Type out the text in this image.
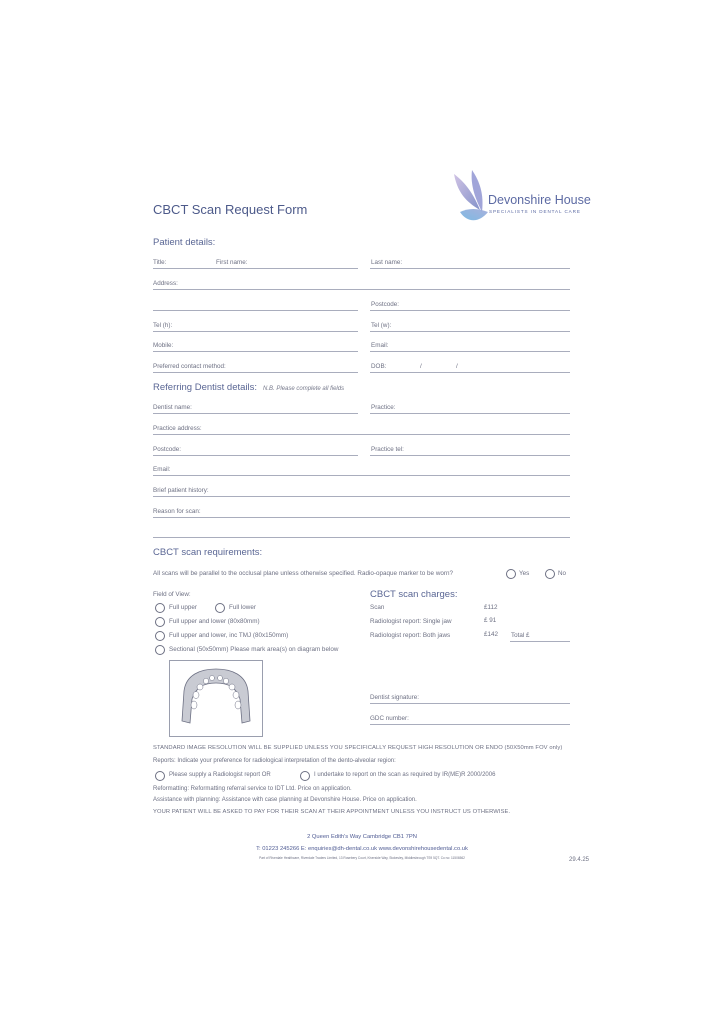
Devonshire House
SPECIALISTS IN DENTAL CARE
CBCT Scan Request Form
Patient details:
Title:	First name:	Last name:
Address:
Postcode:
Tel (h):	Tel (w):
Mobile:	Email:
Preferred contact method:	DOB:	/	/
Referring Dentist details: N.B. Please complete all fields
Dentist name:	Practice:
Practice address:
Postcode:	Practice tel:
Email:
Brief patient history:
Reason for scan:
CBCT scan requirements:
All scans will be parallel to the occlusal plane unless otherwise specified. Radio-opaque marker to be worn?	Yes	No
Field of View:
Full upper	Full lower
Full upper and lower (80x80mm)
Full upper and lower, inc TMJ (80x150mm)
Sectional (50x50mm) Please mark area(s) on diagram below
CBCT scan charges:
Scan	£112
Radiologist report: Single jaw	£ 91
Radiologist report: Both jaws	£142 Total £
Dentist signature:
GDC number:
STANDARD IMAGE RESOLUTION WILL BE SUPPLIED UNLESS YOU SPECIFICALLY REQUEST HIGH RESOLUTION OR ENDO (50X50mm FOV only)
Reports: Indicate your preference for radiological interpretation of the dento-alveolar region:
Please supply a Radiologist report OR	I undertake to report on the scan as required by IR(ME)R 2000/2006
Reformatting: Reformatting referral service to IDT Ltd. Price on application.
Assistance with planning: Assistance with case planning at Devonshire House. Price on application.
YOUR PATIENT WILL BE ASKED TO PAY FOR THEIR SCAN AT THEIR APPOINTMENT UNLESS YOU INSTRUCT US OTHERWISE.
2 Queen Edith's Way Cambridge CB1 7PN
T: 01223 245266 E: enquiries@dh-dental.co.uk www.devonshirehousedental.co.uk
Part of Riverdale Healthcare, Riverdale Traders Limited, 13 Rosebery Court, Kiverside Way, Stokesley, Middlesbrough TS9 5QT. Co no: 11506562	29.4.25
